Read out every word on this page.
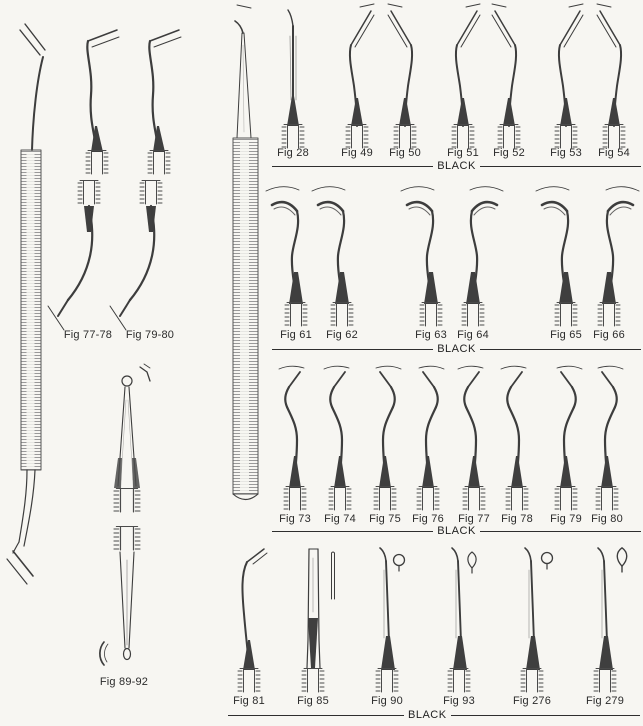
Fig 77-78 Fig 79-80
Fig 89-92
Fig 28	Fig 49 Fig 50 Fig 51 Fig 52 Fig 53 Fig 54
BLACK
Fig 61 Fig 62	Fig 63 Fig 64	Fig 65 Fig 66
BLACK
Fig 73 Fig 74 Fig 75 Fig 76 Fig 77 Fig 78 Fig 79 Fig 80
BLACK
Fig 81	Fig 85	Fig 90	Fig 93	Fig 276	Fig 279
BLACK
